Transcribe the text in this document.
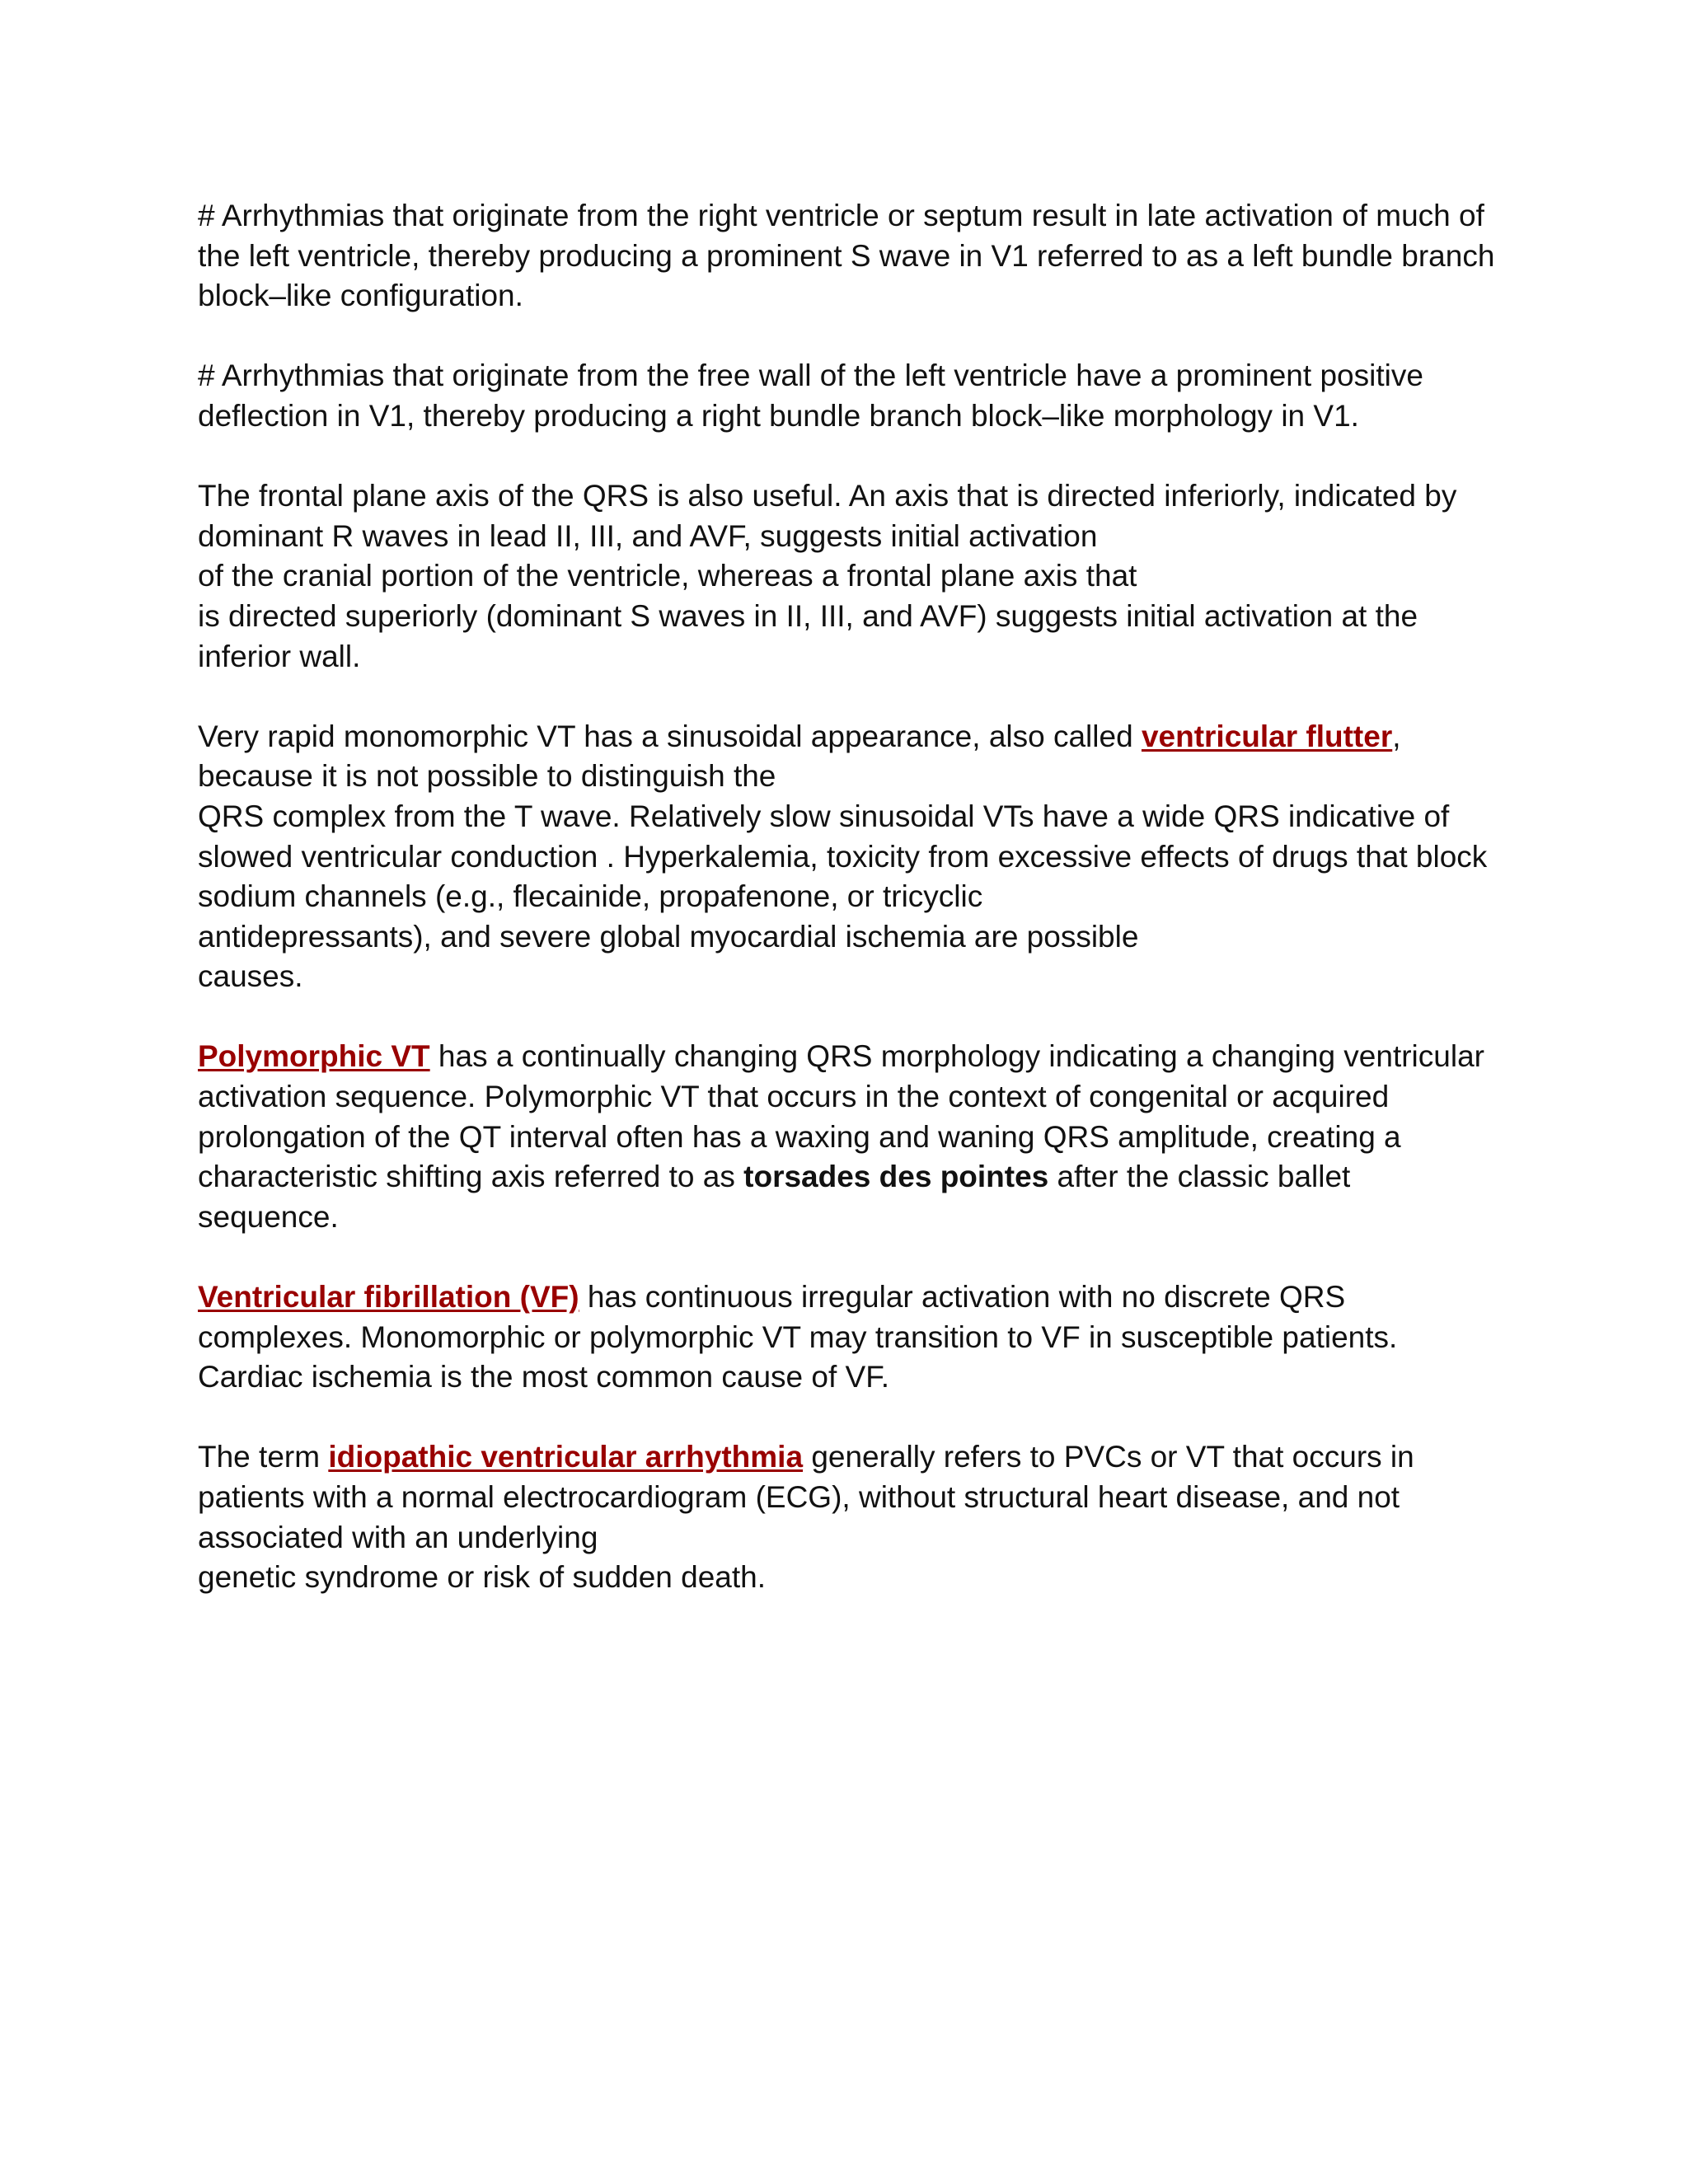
# Arrhythmias that originate from the right ventricle or septum result in late activation of much of
the left ventricle, thereby producing a prominent S wave in V1 referred to as a left bundle branch
block–like configuration.

# Arrhythmias that originate from the free wall of the left ventricle have a prominent positive
deflection in V1, thereby producing a right bundle branch block–like morphology in V1.

The frontal plane axis of the QRS is also useful. An axis that is directed inferiorly, indicated by
dominant R waves in lead II, III, and AVF, suggests initial activation
of the cranial portion of the ventricle, whereas a frontal plane axis that
is directed superiorly (dominant S waves in II, III, and AVF) suggests initial activation at the
inferior wall.

Very rapid monomorphic VT has a sinusoidal appearance, also called ventricular flutter,
because it is not possible to distinguish the
QRS complex from the T wave. Relatively slow sinusoidal VTs have a wide QRS indicative of
slowed ventricular conduction . Hyperkalemia, toxicity from excessive effects of drugs that block
sodium channels (e.g., flecainide, propafenone, or tricyclic
antidepressants), and severe global myocardial ischemia are possible
causes.

Polymorphic VT has a continually changing QRS morphology indicating a changing ventricular
activation sequence. Polymorphic VT that occurs in the context of congenital or acquired
prolongation of the QT interval often has a waxing and waning QRS amplitude, creating a
characteristic shifting axis referred to as torsades des pointes after the classic ballet
sequence.

Ventricular fibrillation (VF) has continuous irregular activation with no discrete QRS
complexes. Monomorphic or polymorphic VT may transition to VF in susceptible patients.
Cardiac ischemia is the most common cause of VF.

The term idiopathic ventricular arrhythmia generally refers to PVCs or VT that occurs in
patients with a normal electrocardiogram (ECG), without structural heart disease, and not
associated with an underlying
genetic syndrome or risk of sudden death.
